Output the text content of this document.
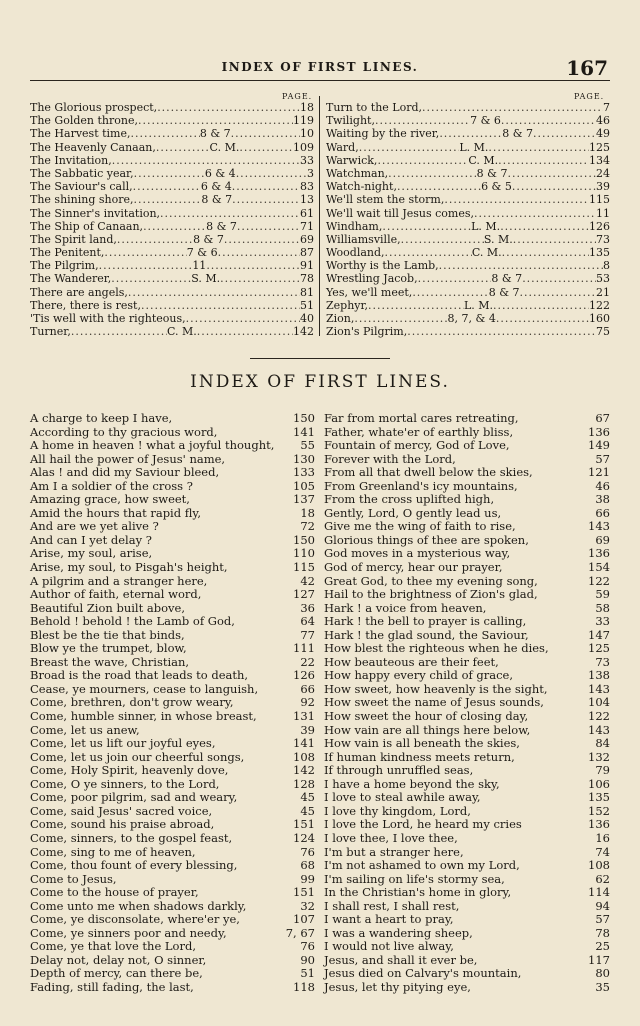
INDEX OF FIRST LINES.	167
PAGE.	PAGE.
The Glorious prospect, .....	18
The Golden throne, .....	119
The Harvest time, .....	8 & 7 .....	10
The Heavenly Canaan, .....	C. M. .....	109
The Invitation, .....	33
The Sabbatic year, .....	6 & 4 .....	3
The Saviour's call, .....	6 & 4 .....	83
The shining shore, .....	8 & 7 .....	13
The Sinner's invitation, .....	61
The Ship of Canaan, .....	8 & 7 .....	71
The Spirit land, .....	8 & 7 .....	69
The Penitent, .....	7 & 6 .....	87
The Pilgrim, .....	11 .....	91
The Wanderer, .....	S. M. .....	78
There are angels, .....	81
There, there is rest, .....	51
'Tis well with the righteous, .....	40
Turner, .....	C. M. .....	142
Turn to the Lord, .....	7
Twilight, .....	7 & 6 .....	46
Waiting by the river, .....	8 & 7 .....	49
Ward, .....	L. M. .....	125
Warwick, .....	C. M. .....	134
Watchman, .....	8 & 7 .....	24
Watch-night, .....	6 & 5 .....	39
We'll stem the storm, .....	115
We'll wait till Jesus comes, .....	11
Windham, .....	L. M. .....	126
Williamsville, .....	S. M. .....	73
Woodland, .....	C. M. .....	135
Worthy is the Lamb, .....	8
Wrestling Jacob, .....	8 & 7 .....	53
Yes, we'll meet, .....	8 & 7 .....	21
Zephyr, .....	L. M. .....	122
Zion, .....	8, 7, & 4 .....	160
Zion's Pilgrim, .....	75
INDEX OF FIRST LINES.
A charge to keep I have,	150
According to thy gracious word,	141
A home in heaven ! what a joyful thought,	55
All hail the power of Jesus' name,	130
Alas ! and did my Saviour bleed,	133
Am I a soldier of the cross ?	105
Amazing grace, how sweet,	137
Amid the hours that rapid fly,	18
And are we yet alive ?	72
And can I yet delay ?	150
Arise, my soul, arise,	110
Arise, my soul, to Pisgah's height,	115
A pilgrim and a stranger here,	42
Author of faith, eternal word,	127
Beautiful Zion built above,	36
Behold ! behold ! the Lamb of God,	64
Blest be the tie that binds,	77
Blow ye the trumpet, blow,	111
Breast the wave, Christian,	22
Broad is the road that leads to death,	126
Cease, ye mourners, cease to languish,	66
Come, brethren, don't grow weary,	92
Come, humble sinner, in whose breast,	131
Come, let us anew,	39
Come, let us lift our joyful eyes,	141
Come, let us join our cheerful songs,	108
Come, Holy Spirit, heavenly dove,	142
Come, O ye sinners, to the Lord,	128
Come, poor pilgrim, sad and weary,	45
Come, said Jesus' sacred voice,	45
Come, sound his praise abroad,	151
Come, sinners, to the gospel feast,	124
Come, sing to me of heaven,	76
Come, thou fount of every blessing,	68
Come to Jesus,	99
Come to the house of prayer,	151
Come unto me when shadows darkly,	32
Come, ye disconsolate, where'er ye,	107
Come, ye sinners poor and needy,	7, 67
Come, ye that love the Lord,	76
Delay not, delay not, O sinner,	90
Depth of mercy, can there be,	51
Fading, still fading, the last,	118
Far from mortal cares retreating,	67
Father, whate'er of earthly bliss,	136
Fountain of mercy, God of Love,	149
Forever with the Lord,	57
From all that dwell below the skies,	121
From Greenland's icy mountains,	46
From the cross uplifted high,	38
Gently, Lord, O gently lead us,	66
Give me the wing of faith to rise,	143
Glorious things of thee are spoken,	69
God moves in a mysterious way,	136
God of mercy, hear our prayer,	154
Great God, to thee my evening song,	122
Hail to the brightness of Zion's glad,	59
Hark ! a voice from heaven,	58
Hark ! the bell to prayer is calling,	33
Hark ! the glad sound, the Saviour,	147
How blest the righteous when he dies,	125
How beauteous are their feet,	73
How happy every child of grace,	138
How sweet, how heavenly is the sight,	143
How sweet the name of Jesus sounds,	104
How sweet the hour of closing day,	122
How vain are all things here below,	143
How vain is all beneath the skies,	84
If human kindness meets return,	132
If through unruffled seas,	79
I have a home beyond the sky,	106
I love to steal awhile away,	135
I love thy kingdom, Lord,	152
I love the Lord, he heard my cries	136
I love thee, I love thee,	16
I'm but a stranger here,	74
I'm not ashamed to own my Lord,	108
I'm sailing on life's stormy sea,	62
In the Christian's home in glory,	114
I shall rest, I shall rest,	94
I want a heart to pray,	57
I was a wandering sheep,	78
I would not live alway,	25
Jesus, and shall it ever be,	117
Jesus died on Calvary's mountain,	80
Jesus, let thy pitying eye,	35
